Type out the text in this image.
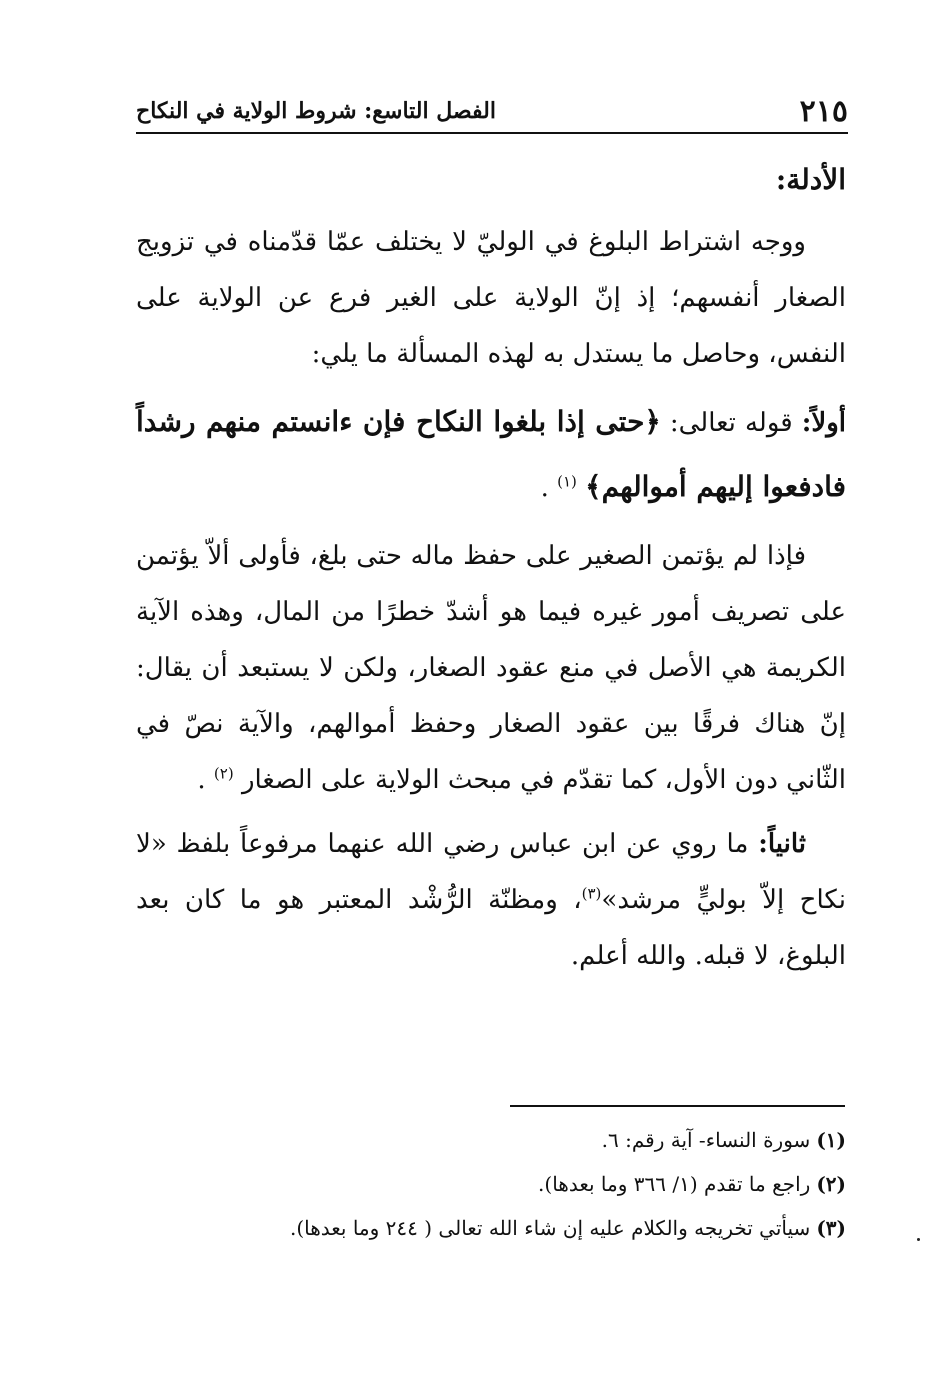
٢١٥
الفصل التاسع: شروط الولاية في النكاح
الأدلة:

ووجه اشتراط البلوغ في الوليّ لا يختلف عمّا قدّمناه في تزويج الصغار أنفسهم؛ إذ إنّ الولاية على الغير فرع عن الولاية على النفس، وحاصل ما يستدل به لهذه المسألة ما يلي:

أولاً: قوله تعالى: ﴿حتى إذا بلغوا النكاح فإن ءانستم منهم رشداً فادفعوا إليهم أموالهم﴾ $^{(١)}$ .

فإذا لم يؤتمن الصغير على حفظ ماله حتى بلغ، فأولى ألاّ يؤتمن على تصريف أمور غيره فيما هو أشدّ خطرًا من المال، وهذه الآية الكريمة هي الأصل في منع عقود الصغار، ولكن لا يستبعد أن يقال: إنّ هناك فرقًا بين عقود الصغار وحفظ أموالهم، والآية نصّ في الثّاني دون الأول، كما تقدّم في مبحث الولاية على الصغار $^{(٢)}$ .

ثانياً: ما روي عن ابن عباس رضي الله عنهما مرفوعاً بلفظ «لا نكاح إلاّ بوليٍّ مرشد»$^{(٣)}$، ومظنّة الرُّشْد المعتبر هو ما كان بعد البلوغ، لا قبله. والله أعلم.

(١)سورة النساء- آية رقم: ٦.

(٢)راجع ما تقدم (١/ ٣٦٦ وما بعدها).

(٣)سيأتي تخريجه والكلام عليه إن شاء الله تعالى ( ٢٤٤ وما بعدها).
